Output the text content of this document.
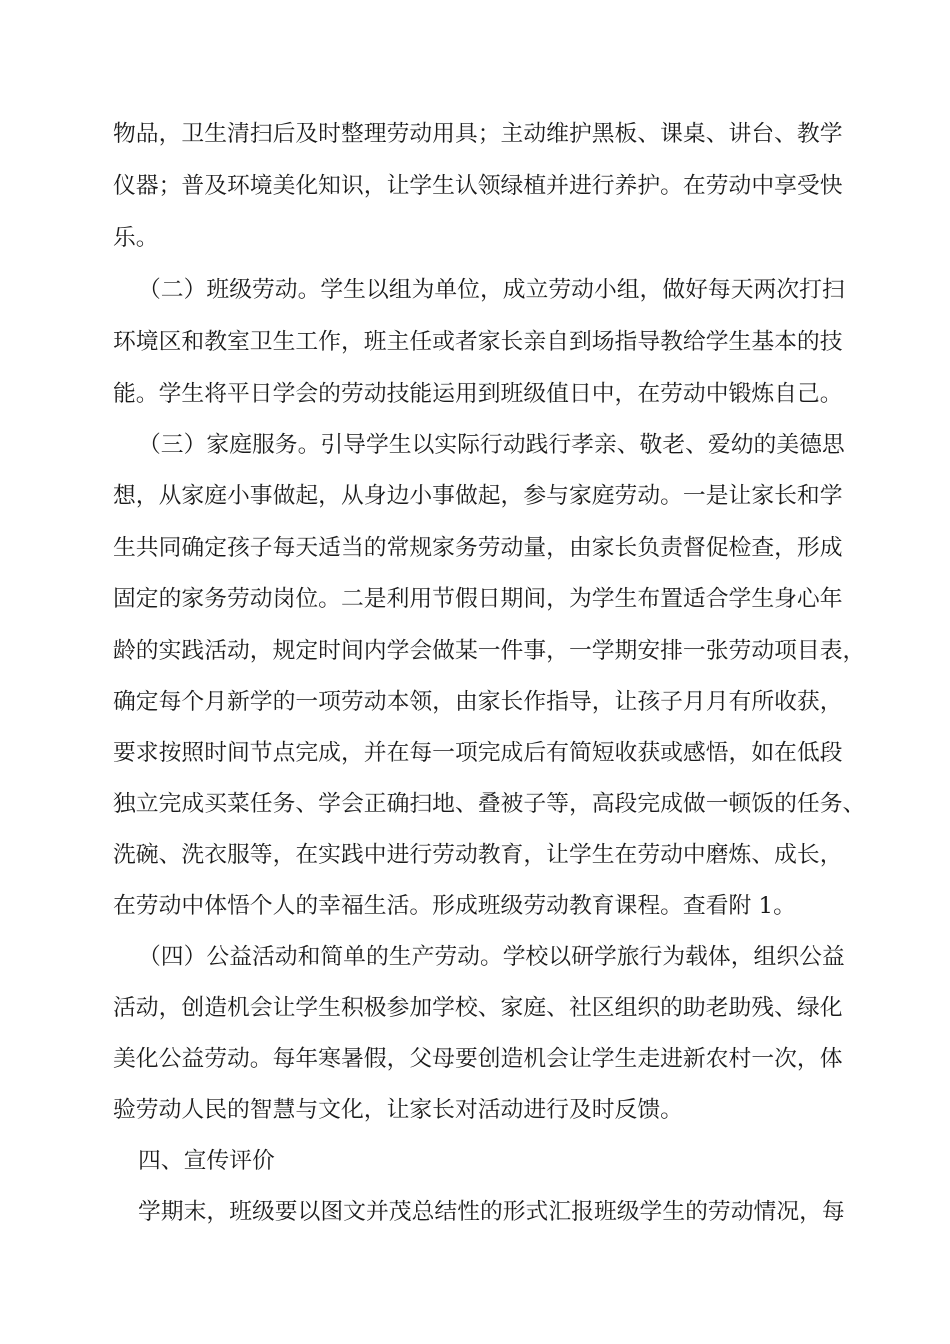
物品，卫生清扫后及时整理劳动用具；主动维护黑板、课桌、讲台、教学
仪器；普及环境美化知识，让学生认领绿植并进行养护。在劳动中享受快
乐。
（二）班级劳动。学生以组为单位，成立劳动小组，做好每天两次打扫
环境区和教室卫生工作，班主任或者家长亲自到场指导教给学生基本的技
能。学生将平日学会的劳动技能运用到班级值日中，在劳动中锻炼自己。
（三）家庭服务。引导学生以实际行动践行孝亲、敬老、爱幼的美德思
想，从家庭小事做起，从身边小事做起，参与家庭劳动。一是让家长和学
生共同确定孩子每天适当的常规家务劳动量，由家长负责督促检查，形成
固定的家务劳动岗位。二是利用节假日期间，为学生布置适合学生身心年
龄的实践活动，规定时间内学会做某一件事，一学期安排一张劳动项目表，
确定每个月新学的一项劳动本领，由家长作指导，让孩子月月有所收获，
要求按照时间节点完成，并在每一项完成后有简短收获或感悟，如在低段
独立完成买菜任务、学会正确扫地、叠被子等，高段完成做一顿饭的任务、
洗碗、洗衣服等，在实践中进行劳动教育，让学生在劳动中磨炼、成长，
在劳动中体悟个人的幸福生活。形成班级劳动教育课程。查看附 1。
（四）公益活动和简单的生产劳动。学校以研学旅行为载体，组织公益
活动，创造机会让学生积极参加学校、家庭、社区组织的助老助残、绿化
美化公益劳动。每年寒暑假，父母要创造机会让学生走进新农村一次，体
验劳动人民的智慧与文化，让家长对活动进行及时反馈。
四、宣传评价
学期末，班级要以图文并茂总结性的形式汇报班级学生的劳动情况，每
